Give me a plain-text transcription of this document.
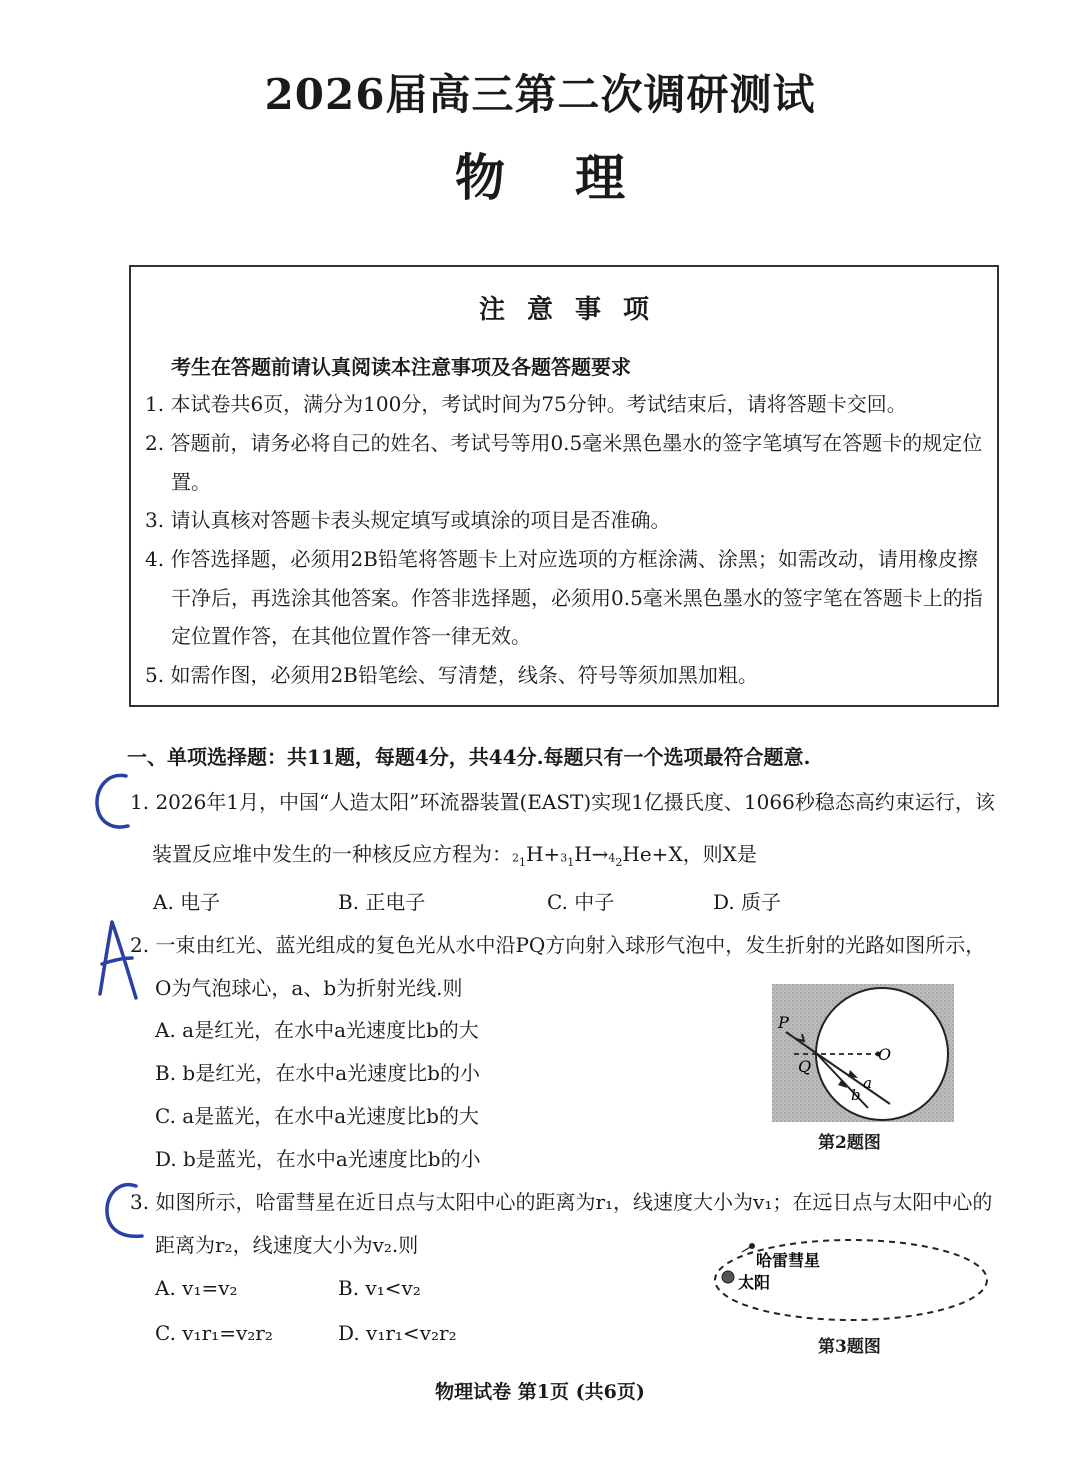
2026届高三第二次调研测试
物理
注意事项
考生在答题前请认真阅读本注意事项及各题答题要求
1. 本试卷共6页，满分为100分，考试时间为75分钟。考试结束后，请将答题卡交回。
2. 答题前，请务必将自己的姓名、考试号等用0.5毫米黑色墨水的签字笔填写在答题卡的规定位置。
3. 请认真核对答题卡表头规定填写或填涂的项目是否准确。
4. 作答选择题，必须用2B铅笔将答题卡上对应选项的方框涂满、涂黑；如需改动，请用橡皮擦干净后，再选涂其他答案。作答非选择题，必须用0.5毫米黑色墨水的签字笔在答题卡上的指定位置作答，在其他位置作答一律无效。
5. 如需作图，必须用2B铅笔绘、写清楚，线条、符号等须加黑加粗。
一、单项选择题：共11题，每题4分，共44分.每题只有一个选项最符合题意.
1. 2026年1月，中国“人造太阳”环流器装置(EAST)实现1亿摄氏度、1066秒稳态高约束运行，该
装置反应堆中发生的一种核反应方程为：$_{^21}H+_{^31}H\to_{^42}He+X$，则X是
A. 电子	B. 正电子	C. 中子	D. 质子
2. 一束由红光、蓝光组成的复色光从水中沿PQ方向射入球形气泡中，发生折射的光路如图所示，
O为气泡球心，a、b为折射光线.则
A. a是红光，在水中a光速度比b的大
B. b是红光，在水中a光速度比b的小
C. a是蓝光，在水中a光速度比b的大
D. b是蓝光，在水中a光速度比b的小
P
Q
O
a
b
第2题图
3. 如图所示，哈雷彗星在近日点与太阳中心的距离为r₁，线速度大小为v₁；在远日点与太阳中心的
距离为r₂，线速度大小为v₂.则
A. v₁=v₂	B. v₁<v₂
C. v₁r₁=v₂r₂	D. v₁r₁<v₂r₂
哈雷彗星
太阳
第3题图
物理试卷 第1页 (共6页)
